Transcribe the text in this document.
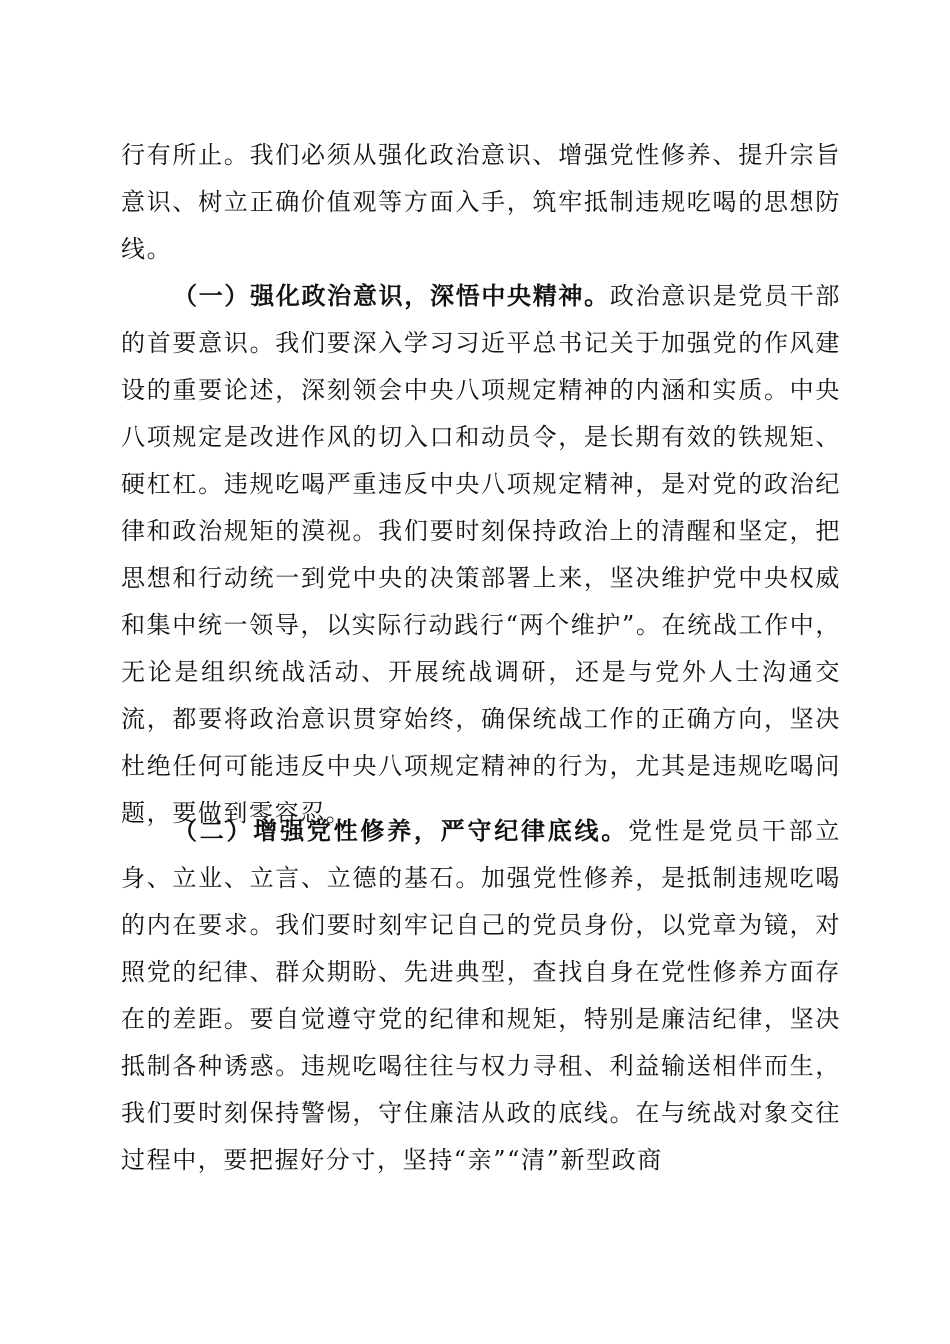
行有所止。我们必须从强化政治意识、增强党性修养、提升宗旨意识、树立正确价值观等方面入手，筑牢抵制违规吃喝的思想防线。

（一）强化政治意识，深悟中央精神。政治意识是党员干部的首要意识。我们要深入学习习近平总书记关于加强党的作风建设的重要论述，深刻领会中央八项规定精神的内涵和实质。中央八项规定是改进作风的切入口和动员令，是长期有效的铁规矩、硬杠杠。违规吃喝严重违反中央八项规定精神，是对党的政治纪律和政治规矩的漠视。我们要时刻保持政治上的清醒和坚定，把思想和行动统一到党中央的决策部署上来，坚决维护党中央权威和集中统一领导，以实际行动践行“两个维护”。在统战工作中，无论是组织统战活动、开展统战调研，还是与党外人士沟通交流，都要将政治意识贯穿始终，确保统战工作的正确方向，坚决杜绝任何可能违反中央八项规定精神的行为，尤其是违规吃喝问题，要做到零容忍。

（二）增强党性修养，严守纪律底线。党性是党员干部立身、立业、立言、立德的基石。加强党性修养，是抵制违规吃喝的内在要求。我们要时刻牢记自己的党员身份，以党章为镜，对照党的纪律、群众期盼、先进典型，查找自身在党性修养方面存在的差距。要自觉遵守党的纪律和规矩，特别是廉洁纪律，坚决抵制各种诱惑。违规吃喝往往与权力寻租、利益输送相伴而生，我们要时刻保持警惕，守住廉洁从政的底线。在与统战对象交往过程中，要把握好分寸，坚持“亲”“清”新型政商
